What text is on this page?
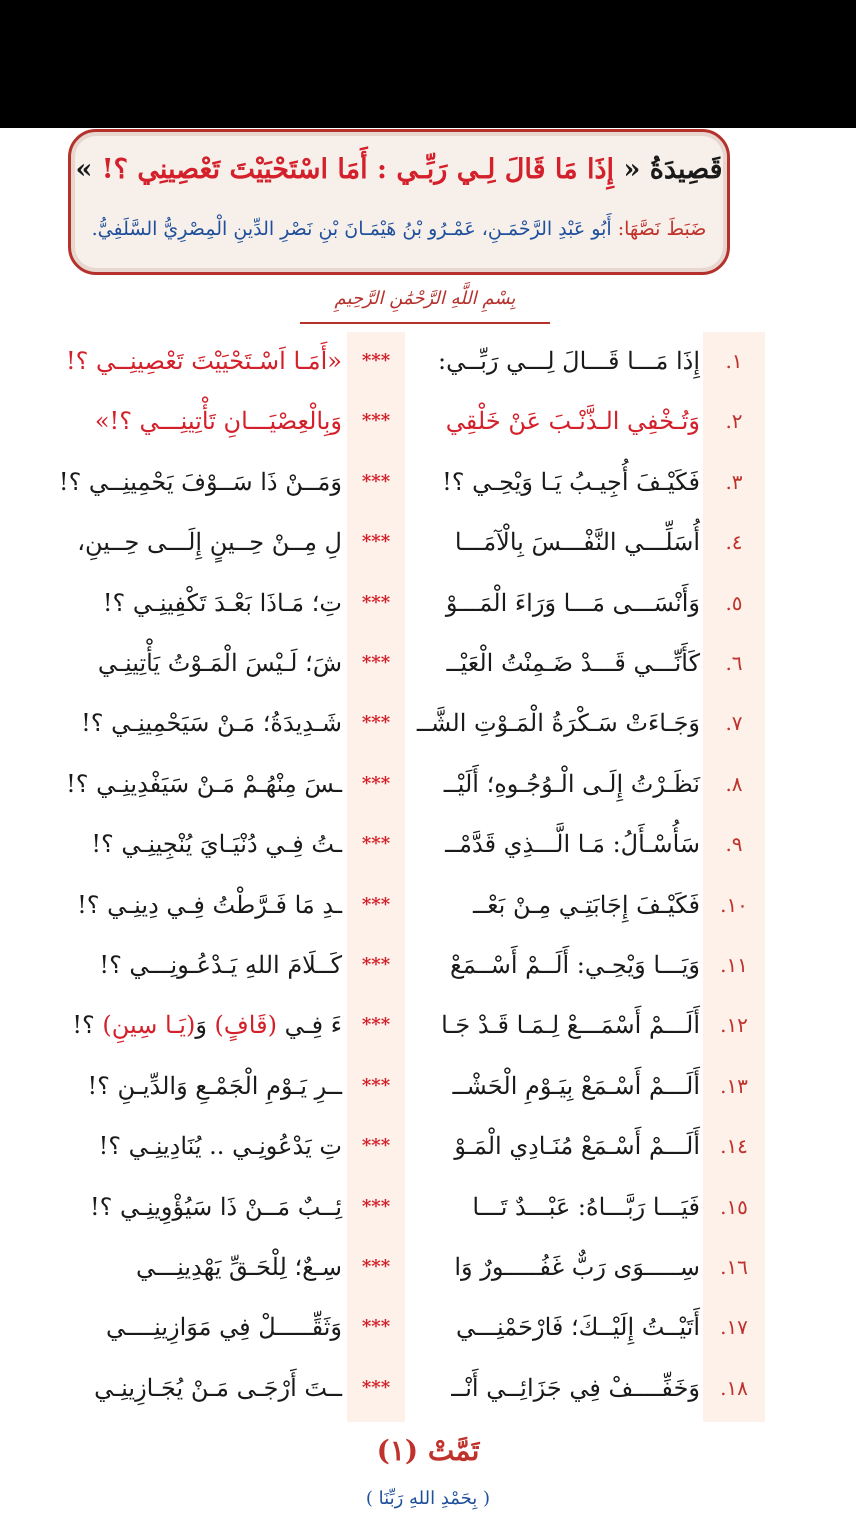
قَصِيدَةُ « إِذَا مَا قَالَ لِـي رَبِّـي : أَمَا اسْتَحْيَيْتَ تَعْصِينِي ؟! »
ضَبَطَ نَصَّهَا: أَبُو عَبْدِ الرَّحْمَـنِ، عَمْـرُو بْنُ هَيْمَـانَ بْنِ نَصْرِ الدِّينِ الْمِصْرِيُّ السَّلَفِيُّ.
بِسْمِ اللَّهِ الرَّحْمَٰنِ الرَّحِيمِ
١.
إِذَا مَـــا قَـــالَ لِـــي رَبِّــي:
***
«أَمَـا اَسْـتَحْيَيْتَ تَعْصِينِــي ؟!
٢.
وَتُـخْفِي الـذَّنْـبَ عَنْ خَلْقِي
***
وَبِالْعِصْيَـــانِ تَأْتِينِـــي ؟!»
٣.
فَكَيْـفَ أُجِيـبُ يَـا وَيْحِـي ؟!
***
وَمَــنْ ذَا سَــوْفَ يَحْمِينِــي ؟!
٤.
أُسَلِّـــي النَّفْـــسَ بِالْآمَـــا
***
لِ مِــنْ حِــينٍ إِلَـــى حِــينِ،
٥.
وَأَنْسَـــى مَـــا وَرَاءَ الْمَـــوْ
***
تِ؛ مَـاذَا بَعْـدَ تَكْفِينِـي ؟!
٦.
كَأَنِّـــي قَـــدْ ضَـمِنْتُ الْعَيْــ
***
شَ؛ لَـيْسَ الْمَـوْتُ يَأْتِينِـي
٧.
وَجَـاءَتْ سَـكْرَةُ الْمَـوْتِ الشَّــ
***
شَـدِيدَةُ؛ مَـنْ سَيَحْمِينِـي ؟!
٨.
نَظَـرْتُ إِلَـى الْـوُجُـوهِ؛ أَلَيْــ
***
ـسَ مِنْهُـمْ مَـنْ سَيَفْدِينِـي ؟!
٩.
سَأُسْـأَلُ: مَـا الَّـــذِي قَدَّمْــ
***
ـتُ فِـي دُنْيَـايَ يُنْجِينِـي ؟!
١٠.
فَكَيْـفَ إِجَابَتِـي مِـنْ بَعْــ
***
ـدِ مَا فَـرَّطْتُ فِـي دِينِـي ؟!
١١.
وَيَـــا وَيْحِـي: أَلَــمْ أَسْــمَعْ
***
كَــلَامَ اللهِ يَـدْعُـونِـــي ؟!
١٢.
أَلَـــمْ أَسْمَـــعْ لِـمَـا قَـدْ جَـا
***
ءَ فِـي (قَافٍ) وَ(يَـا سِينِ) ؟!
١٣.
أَلَـــمْ أَسْـمَعْ بِيَـوْمِ الْحَشْــ
***
ــرِ يَـوْمِ الْجَمْـعِ وَالدِّيـنِ ؟!
١٤.
أَلَـــمْ أَسْـمَعْ مُنَـادِي الْمَـوْ
***
تِ يَدْعُونِـي .. يُنَادِينِـي ؟!
١٥.
فَيَـــا رَبَّـــاهُ: عَبْـــدٌ تَـــا
***
ئِــبٌ مَــنْ ذَا سَيُؤْوِينِـي ؟!
١٦.
سِـــــوَى رَبٌّ غَفُـــــورٌ وَا
***
سِـعٌ؛ لِلْحَـقِّ يَهْدِينِـــي
١٧.
أَتَيْــتُ إِلَيْــكَ؛ فَارْحَمْنِـــي
***
وَثَقِّـــــلْ فِي مَوَازِينِــــي
١٨.
وَخَفِّــــفْ فِي جَزَائِــي أَنْــ
***
ــتَ أَرْجَـى مَـنْ يُجَـازِينِـي
تَمَّتْ (١)
( بِحَمْدِ اللهِ رَبِّنَا )
